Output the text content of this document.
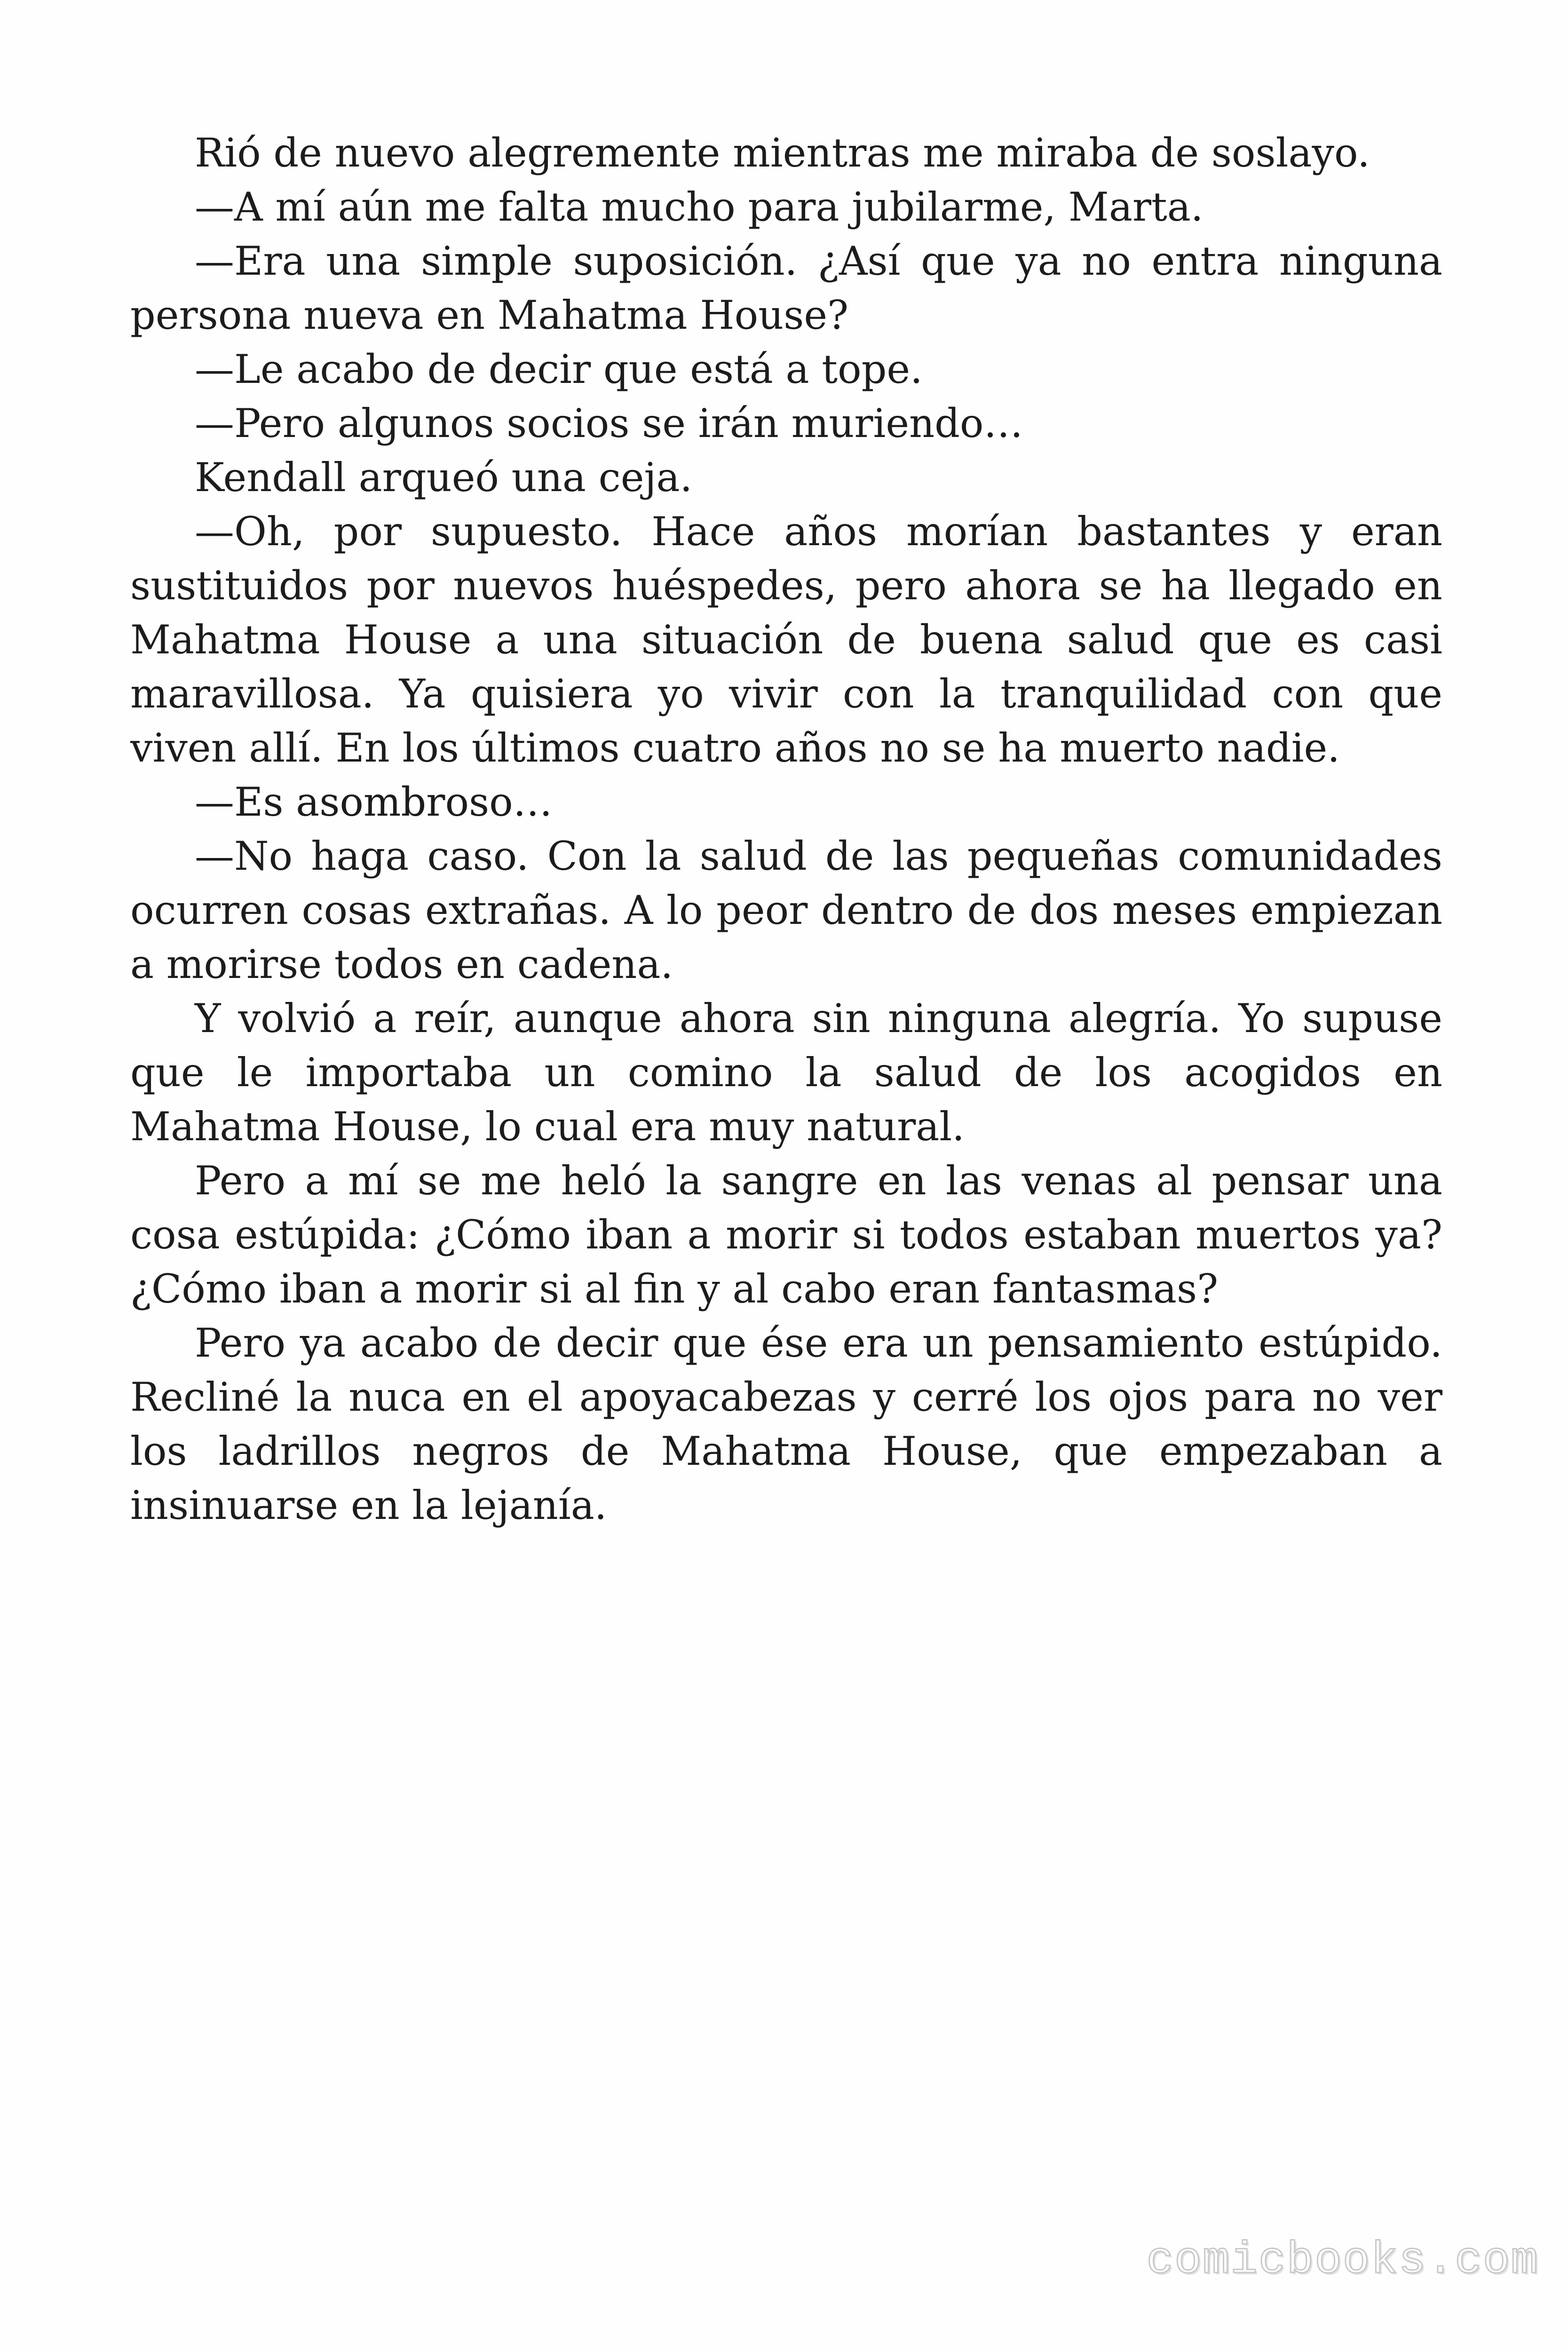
Rió de nuevo alegremente mientras me miraba de soslayo.

—A mí aún me falta mucho para jubilarme, Marta.

—Era una simple suposición. ¿Así que ya no entra ninguna persona nueva en Mahatma House?

—Le acabo de decir que está a tope.

—Pero algunos socios se irán muriendo…

Kendall arqueó una ceja.

—Oh, por supuesto. Hace años morían bastantes y eran sustituidos por nuevos huéspedes, pero ahora se ha llegado en Mahatma House a una situación de buena salud que es casi maravillosa. Ya quisiera yo vivir con la tranquilidad con que viven allí. En los últimos cuatro años no se ha muerto nadie.

—Es asombroso…

—No haga caso. Con la salud de las pequeñas comunidades ocurren cosas extrañas. A lo peor dentro de dos meses empiezan a morirse todos en cadena.

Y volvió a reír, aunque ahora sin ninguna alegría. Yo supuse que le importaba un comino la salud de los acogidos en Mahatma House, lo cual era muy natural.

Pero a mí se me heló la sangre en las venas al pensar una cosa estúpida: ¿Cómo iban a morir si todos estaban muertos ya? ¿Cómo iban a morir si al fin y al cabo eran fantasmas?

Pero ya acabo de decir que ése era un pensamiento estúpido. Recliné la nuca en el apoyacabezas y cerré los ojos para no ver los ladrillos negros de Mahatma House, que empezaban a insinuarse en la lejanía.

comicbooks.com
